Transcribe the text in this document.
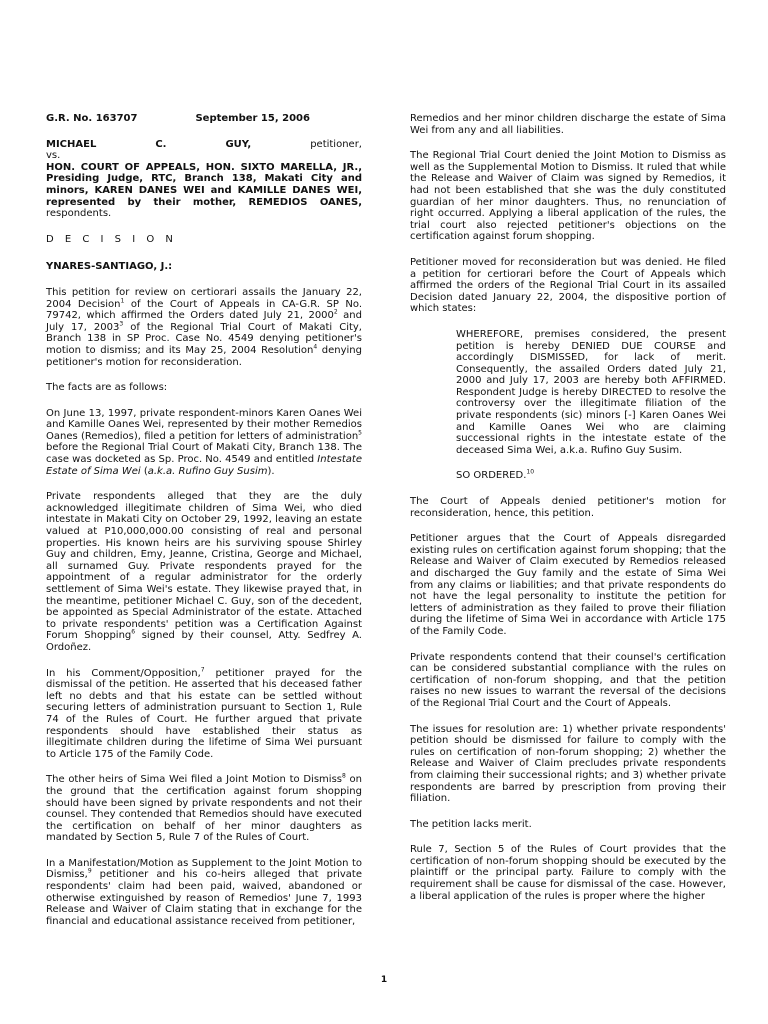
G.R. No. 163707	September 15, 2006
MICHAEL	C.	GUY,	petitioner,
vs.

HON. COURT OF APPEALS, HON. SIXTO MARELLA, JR., Presiding Judge, RTC, Branch 138, Makati City and minors, KAREN DANES WEI and KAMILLE DANES WEI, represented by their mother, REMEDIOS OANES, respondents.

D E C I S I O N

YNARES-SANTIAGO, J.:

This petition for review on certiorari assails the January 22, 2004 Decision$^1$ of the Court of Appeals in CA-G.R. SP No. 79742, which affirmed the Orders dated July 21, 2000$^2$ and July 17, 2003$^3$ of the Regional Trial Court of Makati City, Branch 138 in SP Proc. Case No. 4549 denying petitioner's motion to dismiss; and its May 25, 2004 Resolution$^4$ denying petitioner's motion for reconsideration.

The facts are as follows:

On June 13, 1997, private respondent-minors Karen Oanes Wei and Kamille Oanes Wei, represented by their mother Remedios Oanes (Remedios), filed a petition for letters of administration$^5$ before the Regional Trial Court of Makati City, Branch 138. The case was docketed as Sp. Proc. No. 4549 and entitled Intestate Estate of Sima Wei (a.k.a. Rufino Guy Susim).

Private respondents alleged that they are the duly acknowledged illegitimate children of Sima Wei, who died intestate in Makati City on October 29, 1992, leaving an estate valued at P10,000,000.00 consisting of real and personal properties. His known heirs are his surviving spouse Shirley Guy and children, Emy, Jeanne, Cristina, George and Michael, all surnamed Guy. Private respondents prayed for the appointment of a regular administrator for the orderly settlement of Sima Wei's estate. They likewise prayed that, in the meantime, petitioner Michael C. Guy, son of the decedent, be appointed as Special Administrator of the estate. Attached to private respondents' petition was a Certification Against Forum Shopping$^6$ signed by their counsel, Atty. Sedfrey A. Ordoñez.

In his Comment/Opposition,$^7$ petitioner prayed for the dismissal of the petition. He asserted that his deceased father left no debts and that his estate can be settled without securing letters of administration pursuant to Section 1, Rule 74 of the Rules of Court. He further argued that private respondents should have established their status as illegitimate children during the lifetime of Sima Wei pursuant to Article 175 of the Family Code.

The other heirs of Sima Wei filed a Joint Motion to Dismiss$^8$ on the ground that the certification against forum shopping should have been signed by private respondents and not their counsel. They contended that Remedios should have executed the certification on behalf of her minor daughters as mandated by Section 5, Rule 7 of the Rules of Court.

In a Manifestation/Motion as Supplement to the Joint Motion to Dismiss,$^9$ petitioner and his co-heirs alleged that private respondents' claim had been paid, waived, abandoned or otherwise extinguished by reason of Remedios' June 7, 1993 Release and Waiver of Claim stating that in exchange for the financial and educational assistance received from petitioner,

Remedios and her minor children discharge the estate of Sima Wei from any and all liabilities.

The Regional Trial Court denied the Joint Motion to Dismiss as well as the Supplemental Motion to Dismiss. It ruled that while the Release and Waiver of Claim was signed by Remedios, it had not been established that she was the duly constituted guardian of her minor daughters. Thus, no renunciation of right occurred. Applying a liberal application of the rules, the trial court also rejected petitioner's objections on the certification against forum shopping.

Petitioner moved for reconsideration but was denied. He filed a petition for certiorari before the Court of Appeals which affirmed the orders of the Regional Trial Court in its assailed Decision dated January 22, 2004, the dispositive portion of which states:

WHEREFORE, premises considered, the present petition is hereby DENIED DUE COURSE and accordingly DISMISSED, for lack of merit. Consequently, the assailed Orders dated July 21, 2000 and July 17, 2003 are hereby both AFFIRMED. Respondent Judge is hereby DIRECTED to resolve the controversy over the illegitimate filiation of the private respondents (sic) minors [-] Karen Oanes Wei and Kamille Oanes Wei who are claiming successional rights in the intestate estate of the deceased Sima Wei, a.k.a. Rufino Guy Susim.

SO ORDERED.$^{10}$

The Court of Appeals denied petitioner's motion for reconsideration, hence, this petition.

Petitioner argues that the Court of Appeals disregarded existing rules on certification against forum shopping; that the Release and Waiver of Claim executed by Remedios released and discharged the Guy family and the estate of Sima Wei from any claims or liabilities; and that private respondents do not have the legal personality to institute the petition for letters of administration as they failed to prove their filiation during the lifetime of Sima Wei in accordance with Article 175 of the Family Code.

Private respondents contend that their counsel's certification can be considered substantial compliance with the rules on certification of non-forum shopping, and that the petition raises no new issues to warrant the reversal of the decisions of the Regional Trial Court and the Court of Appeals.

The issues for resolution are: 1) whether private respondents' petition should be dismissed for failure to comply with the rules on certification of non-forum shopping; 2) whether the Release and Waiver of Claim precludes private respondents from claiming their successional rights; and 3) whether private respondents are barred by prescription from proving their filiation.

The petition lacks merit.

Rule 7, Section 5 of the Rules of Court provides that the certification of non-forum shopping should be executed by the plaintiff or the principal party. Failure to comply with the requirement shall be cause for dismissal of the case. However, a liberal application of the rules is proper where the higher

1
